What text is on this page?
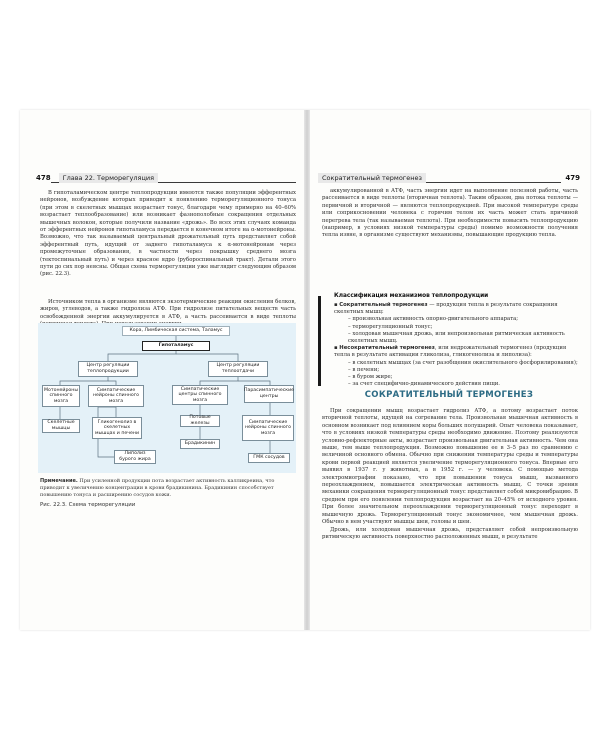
478	Глава 22. Терморегуляция

В гипоталамическом центре теплопродукции имеются также популяции эфферентных нейронов, возбуждение которых приводит к появлению терморегуляционного тонуса (при этом в скелетных мышцах возрастает тонус, благодаря чему примерно на 40–60% возрастает теплообразование) или возникает фазнополобные сокращения отдельных мышечных волокон, которые получили название «дрожь». Во всех этих случаях команда от эфферентных нейронов гипоталамуса передается в конечном итоге на α-мотонейроны. Возможно, что так называемый центральный дрожательный путь представляет собой эфферентный путь, идущий от заднего гипоталамуса к α-мотонейронам через промежуточные образования, в частности через покрышку среднего мозга (тектоспинальный путь) и через красное ядро (рубороспинальный тракт). Детали этого пути до сих пор неясны. Общая схема терморегуляции уже выглядит следующим образом (рис. 22.3).

Источником тепла в организме являются экзотермические реакции окисления белков, жиров, углеводов, а также гидролиза АТФ. При гидролизе питательных веществ часть освобожденной энергии аккумулируется в АТФ, а часть рассеивается в виде теплоты

Кора, Лимбическая система, Таламус
Гипоталамус
Центр регуляции теплопродукции
Центр регуляции теплоотдачи
Мотонейроны спинного мозга
Симпатические нейроны спинного мозга
Симпатические центры спинного мозга
Парасимпатические центры
Скелетные мышцы
Гликогенолиз в скелетных мышцах и печени
Потовые железы	Симпатические нейроны спинного мозга
Липолиз бурого жира
Брадикинин
ГМК сосудов
Примечание. При усиленной продукции пота возрастает активность калликреина, что приводит к увеличению концентрации в крови брадикинина. Брадикинин способствует повышению тонуса и расширению сосудов кожи.
Рис. 22.3. Схема терморегуляции
Сократительный термогенез	479

аккумулированной в АТФ, часть энергии идет на выполнение полезной работы, часть рассеивается в виде теплоты (вторичная теплота). Таким образом, два потока теплоты — первичной и вторичной — являются теплопродукцией. При высокой температуре среды или соприкосновении человека с горячим телом их часть может стать причиной перегрева тела (так называемая теплота). При необходимости повысить теплопродукцию (например, в условиях низкой температуры среды) помимо возможности получения тепла извне, в организме существуют механизмы, повышающие продукцию тепла.

Классификация механизмов теплопродукции
▪ Сократительный термогенез — продукция тепла в результате сокращения скелетных мышц:
– произвольная активность опорно-двигательного аппарата;
– терморегуляционный тонус;
– холодовая мышечная дрожь, или непроизвольная ритмическая активность скелетных мышц.
▪ Несократительный термогенез, или недрожательный термогенез (продукция тепла в результате активации гликолиза, гликогенолиза и липолиза):
– в скелетных мышцах (за счет разобщения окислительного фосфорилирования);
– в печени;
– в буром жире;
– за счет специфично-динамического действия пищи.
СОКРАТИТЕЛЬНЫЙ ТЕРМОГЕНЕЗ

При сокращении мышц возрастает гидролиз АТФ, а потому возрастает поток вторичной теплоты, идущей на согревание тела. Произвольная мышечная активность в основном возникает под влиянием коры больших полушарий. Опыт человека показывает, что в условиях низкой температуры среды необходимо движение. Поэтому реализуются условно-рефлекторные акты, возрастает произвольная двигательная активность. Чем она выше, тем выше теплопродукция. Возможно повышение ее в 3–5 раз по сравнению с величиной основного обмена. Обычно при снижении температуры среды и температуры крови первой реакцией является увеличение терморегуляционного тонуса. Впервые его выявил в 1937 г. у животных, а в 1952 г. — у человека. С помощью метода электромиографии показано, что при повышении тонуса мышц, вызванного переохлаждением, повышается электрическая активность мышц. С точки зрения механики сокращения терморегуляционный тонус представляет собой микровибрацию. В среднем при его появлении теплопродукция возрастает на 20–45% от исходного уровня. При более значительном переохлаждении терморегуляционный тонус переходит в мышечную дрожь. Терморегуляционный тонус экономичнее, чем мышечная дрожь. Обычно в нем участвуют мышцы шеи, головы и шеи.

Дрожь, или холодовая мышечная дрожь, представляет собой непроизвольную ритмическую активность поверхностно расположенных мышц, в результате
